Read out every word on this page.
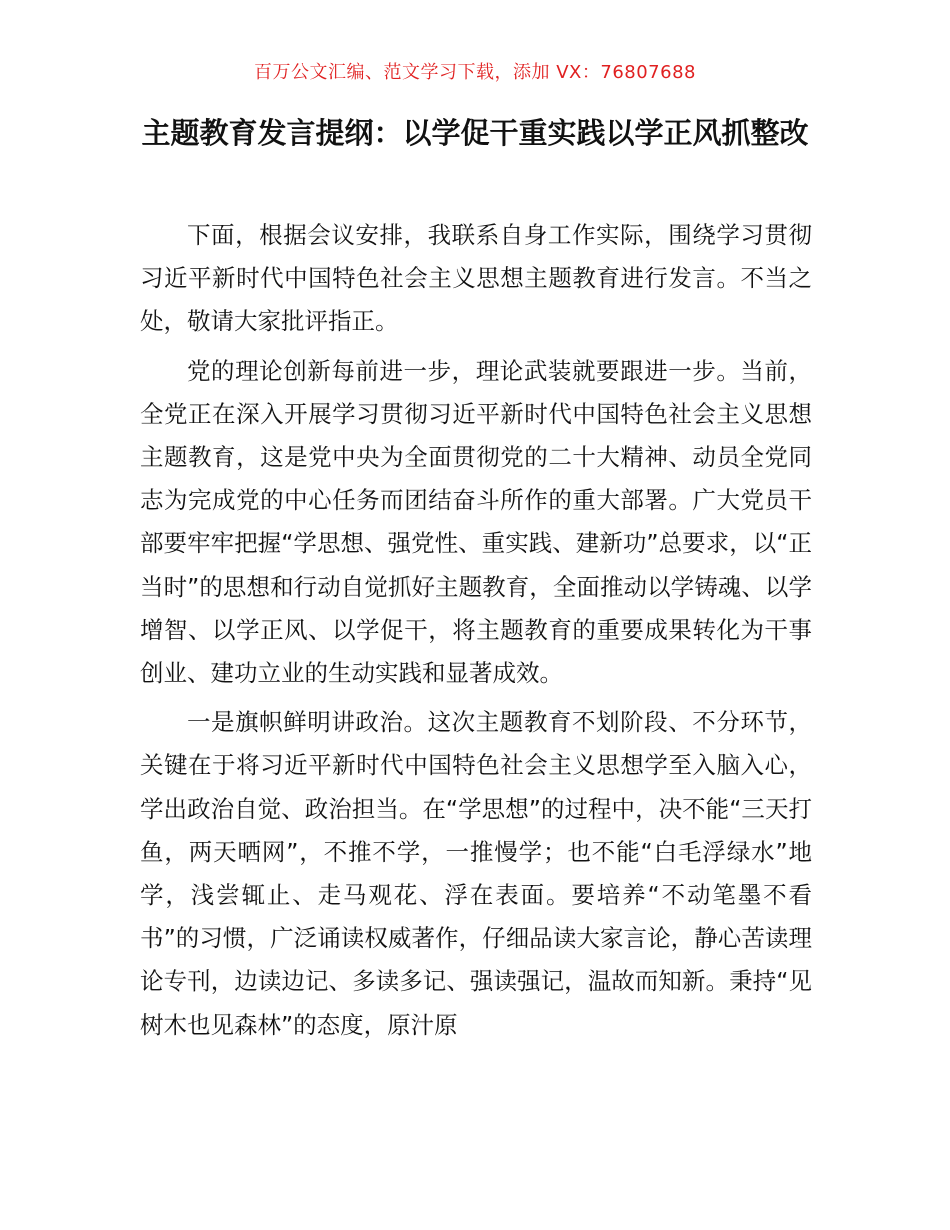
百万公文汇编、范文学习下载，添加 VX：76807688
主题教育发言提纲：以学促干重实践以学正风抓整改

下面，根据会议安排，我联系自身工作实际，围绕学习贯彻习近平新时代中国特色社会主义思想主题教育进行发言。不当之处，敬请大家批评指正。

党的理论创新每前进一步，理论武装就要跟进一步。当前，全党正在深入开展学习贯彻习近平新时代中国特色社会主义思想主题教育，这是党中央为全面贯彻党的二十大精神、动员全党同志为完成党的中心任务而团结奋斗所作的重大部署。广大党员干部要牢牢把握“学思想、强党性、重实践、建新功”总要求，以“正当时”的思想和行动自觉抓好主题教育，全面推动以学铸魂、以学增智、以学正风、以学促干，将主题教育的重要成果转化为干事创业、建功立业的生动实践和显著成效。

一是旗帜鲜明讲政治。这次主题教育不划阶段、不分环节，关键在于将习近平新时代中国特色社会主义思想学至入脑入心，学出政治自觉、政治担当。在“学思想”的过程中，决不能“三天打鱼，两天晒网”，不推不学，一推慢学；也不能“白毛浮绿水”地学，浅尝辄止、走马观花、浮在表面。要培养“不动笔墨不看书”的习惯，广泛诵读权威著作，仔细品读大家言论，静心苦读理论专刊，边读边记、多读多记、强读强记，温故而知新。秉持“见树木也见森林”的态度，原汁原
